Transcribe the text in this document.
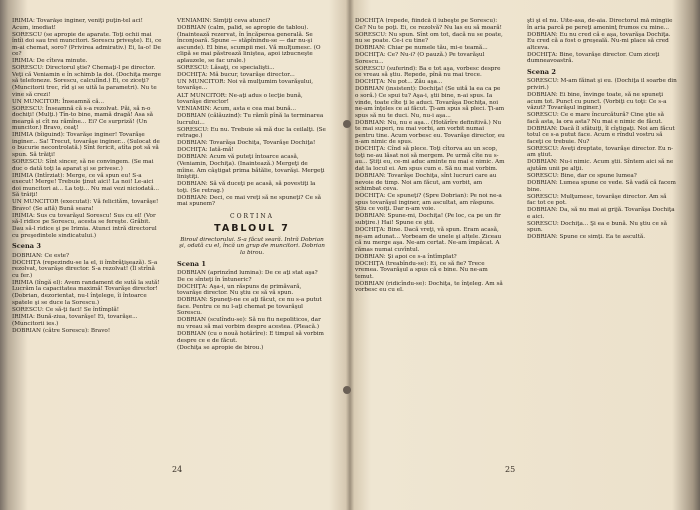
IRIMIA: Tovarăşe inginer, veniţi puţin-tel aci! Acum, imediat!

SORESCU (se apropie de aparate. Toţi ochii mai întîi doi sau trei muncitori. Sorescu priveşte). Ei, ce m-ai chemat, soro? (Privirea admirativ.) Ei, Ia-o! De ce?

IRIMIA: De cîteva minute.

SORESCU: Directorul ştie? Chemaţi-l pe director. Veţi că Veniamin e în schimb la doi. (Dochiţa merge să telefoneze. Sorescu, calculînd.) Ei, ce ziceţi? (Muncitorii trec, rîd şi se uită la parametri). Nu te vine să crezi!

UN MUNCITOR: Înseamnă că...

SORESCU: Înseamnă că s-a rezolvat. Păi, să n-o dochiţi! (Mulţi.) Tîn-to bine, mamă dragă! Asa să meargă și cît nu rămîne... Ei? Ce surpriză! (Un muncitor.) Bravo, ceaţ!

IRIMIA (bîiguind): Tovarăşe inginer! Tovarăşe inginer... Sa! Trecut, tovarăşe inginer... (Sulocat de o bucurie necontrolată.) Sînt fericit, atîta pot să vă spun. Să trăiţi!

SORESCU: Sînt sincer, să ne convingem. (Se mai duc o dată toţi la aparat şi se privesc.)

IRIMIA (Intîrziat): Merge, ce vă spun eu! S-a execut! Merge! Trebuie ţinut aici! La noi! Le-aici doi muncitori ai... La toţi... Nu mai vezi niciodată... Să trăiţi!

UN MUNCITOR (executat): Vă felicităm, tovarăşe! Bravo! (Se află) Bună seara!

IRIMIA: Sus cu tovarăşul Sorescu! Sus cu el! (Vor să-l ridice pe Sorescu, acesta se fereşte. Grăbit. Dau să-l ridice şi pe Irimia. Atunci intră directorul cu preşedintele sindicatului.)

Scena 3

DOBRIAN: Ce este?

DOCHIŢA (repezindu-se la el, ii îmbrăţişează). S-a rezolvat, tovarăşe director. S-a rezolvat! (Îl strînă cu fer.)

IRIMIA (lîngă el): Avem randament de sută la sută! Lucrăm la capacitatea maximă! Tovarăşe director!

(Dobrian, dezorientat, nu-l înţelege, îi întoarce spatele şi se duce la Sorescu.)

SORESCU: Ce să-ţi faci! Se întîmplă!

IRIMIA: Bună-ziua, tovarăşe! Ei, tovarăşe...

(Muncitorii ies.)

DOBRIAN (către Sorescu): Bravo!

VENIAMIN: Simţiţi ceva atunci?

DOBRIAN (calm, palid, se apropie de tablou). (Inaintează rezervat, în încăperea generală. Se înconjoară. Spune — stăpînindu-se — dar nu-şi ascunde). El bine, scumpii mei. Vă mulţumesc. (O clipă se mai păstrează liniştea, apoi izbucneşte aplauzele, se fac urale.)

SORESCU: Lăsaţi, ce specialişti...

DOCHIŢA: Mă bucur, tovarăşe director...

UN MUNCITOR: Noi vă mulţumim tovarăşului, tovarăşe...

ALT MUNCITOR: Ne-aţi adus o lecţie bună, tovarăşe director!

VENIAMIN: Acum, asta e cea mai bună...

DOBRIAN (călăuzind): Tu rămîi pînă la terminarea lucrului...

SORESCU: Eu nu. Trebuie să mă duc la ceilalţi. (Se retrage.)

DOBRIAN: Tovarăşa Dochiţa, Tovarăşe Dochiţa!

DOCHIŢA: Iată-mă!

DOBRIAN: Acum vă puteţi întoarce acasă, (Veniamin, Dochiţa). (Inaintează.) Mergeţi de mîine. Am câştigat prima bătălie, tovarăşi. Mergeţi liniştiţi.

DOBRIAN: Să vă duceţi pe acasă, să povestiţi la toţi. (Se retrag.)

DOBRIAN: Deci, ce mai vreţi să ne spuneţi? Ce să mai spunem?

CORTINA

TABLOUL 7

Biroul directorului. S-a făcut seară. Intră Dobrian şi, odată cu el, încă un grup de muncitori. Dobrian la birou.

Scena 1

DOBRIAN (aprinzînd lumina): De ce aţi stat aşa? De ce sînteţi în întuneric?

DOCHIŢA: Aşa-i, un răspuns de primăvară, tovarăşe director. Nu ştiu ce să vă spun.

DOBRIAN: Spuneţi-ne ce aţi făcut, ce nu s-a putut face. Pentru ce nu l-aţi chemat pe tovarăşul Sorescu.

DOBRIAN (sculîndu-se): Să nu fiu nepoliticos, dar nu vreau să mai vorbim despre acestea. (Pleacă.)

DOBRIAN (cu o nouă hotărîre): E timpul să vorbim despre ce e de făcut.

(Dochiţa se apropie de birou.)

24

DOCHIŢA (repede, fiindcă îl iubeşte pe Sorescu): Ce? Nu te poţi. Ei, ce rezolvă? Nu las eu să moară!

SORESCU: Nu spun. Sînt om tot, dacă nu se poate, nu se poate. Ce-i cu tine?

DOBRIAN: Chiar pe numele tău, mi-e teamă...

DOCHIŢA: Ce? Nu-i? (O pauză.) Pe tovarăşul Sorescu...

SORESCU (suferind): Ba e tot aşa, vorbesc despre ce vreau să ştiu. Repede, pînă nu mai trece.

DOCHIŢA: Nu pot... Zău aşa...

DOBRIAN (insistent): Dochiţa! (Se uită la ea ca pe o soră.) Ce spui tu? Aşa-i, ştii bine, n-ai spus. Ia vinde, toate cîte ţi le aduci. Tovarăşa Dochiţa, noi ne-am înţeles ce ai făcut. Ţi-am spus să pleci. Ţi-am spus să nu te duci. Nu, nu-i aşa...

DOBRIAN: Nu, nu e aşa... (Hotărîre definitivă.) Nu te mai superi, nu mai vorbi, am vorbit numai pentru tine. Acum vorbesc eu. Tovarăşe director, eu n-am nimic de spus.

DOCHIŢA: Cînd să plece. Toţi cîtorva au un scop, toţi ne-au lăsat noi să mergem. Pe urmă cîte nu s-au... Ştiţi eu, ce-mi aduc aminte nu mai e nimic. Am dat la locul ei. Am spus cum e. Să nu mai vorbim.

DOBRIAN: Tovarăşe Dochiţa, sînt lucruri care au nevoie de timp. Noi am făcut, am vorbit, am schimbat ceva.

DOCHIŢA: Ce spuneţi? (Spre Dobrian): Pe noi ne-a spus tovarăşul inginer, am ascultat, am răspuns. Ştiu ce voiţi. Dar n-am voie.

DOBRIAN: Spune-mi, Dochiţa! (Pe loc, ca pe un fir subţire.) Hai! Spune ce ştii.

DOCHIŢA: Bine. Dacă vreţi, vă spun. Eram acasă, ne-am adunat... Vorbeam de unele şi altele. Ziceau că nu merge aşa. Ne-am certat. Ne-am împăcat. A rămas numai cuvîntul.

DOBRIAN: Şi apoi ce s-a întîmplat?

DOCHIŢA (treabîndu-se): Ei, ce să fie? Trece vremea. Tovarăşul a spus că e bine. Nu ne-am temut.

DOBRIAN (ridicîndu-se): Dochiţa, te înţeleg. Am să vorbesc eu cu el.

şti şi el nu. Uite-asa, de-aia. Directorul mă mîngîie în aria parcă pe pereţi ameninţ frumos cu mine...

DOBRIAN: Eu nu cred că e aşa, tovarăşa Dochiţa. Eu cred că a fost o greşeală. Nu-mi place să cred altceva.

DOCHIŢA: Bine, tovarăşe director. Cum ziceţi dumneavoastră.

Scena 2

SORESCU: M-am făinat şi eu. (Dochiţa il soarbe din priviri.)

DOBRIAN: Ei bine, învinge toate, să ne spuneţi acum tot. Punct cu punct. (Vorbiţi cu toţi: Ce s-a văzut? Tovarăşul inginer.)

SORESCU: Ce e mare încurcătură? Cine ştie să facă asta, la ora asta? Nu mai e nimic de făcut.

DOBRIAN: Dacă îl sfătuiţi, îl cîştigaţi. Noi am făcut totul ce s-a putut face. Acum e rîndul vostru să faceţi ce trebuie. Nu?

SORESCU: Aveţi dreptate, tovarăşe director. Eu n-am ştiut.

DOBRIAN: Nu-i nimic. Acum ştii. Sîntem aici să ne ajutăm unii pe alţii.

SORESCU: Bine, dar ce spune lumea?

DOBRIAN: Lumea spune ce vede. Să vadă că facem bine.

SORESCU: Mulţumesc, tovarăşe director. Am să fac tot ce pot.

DOBRIAN: Da, să nu mai ai grijă. Tovarăşa Dochiţa e aici.

SORESCU: Dochiţa... Şi ea e bună. Nu ştiu ce să spun.

DOBRIAN: Spune ce simţi. Ea te ascultă.

25
